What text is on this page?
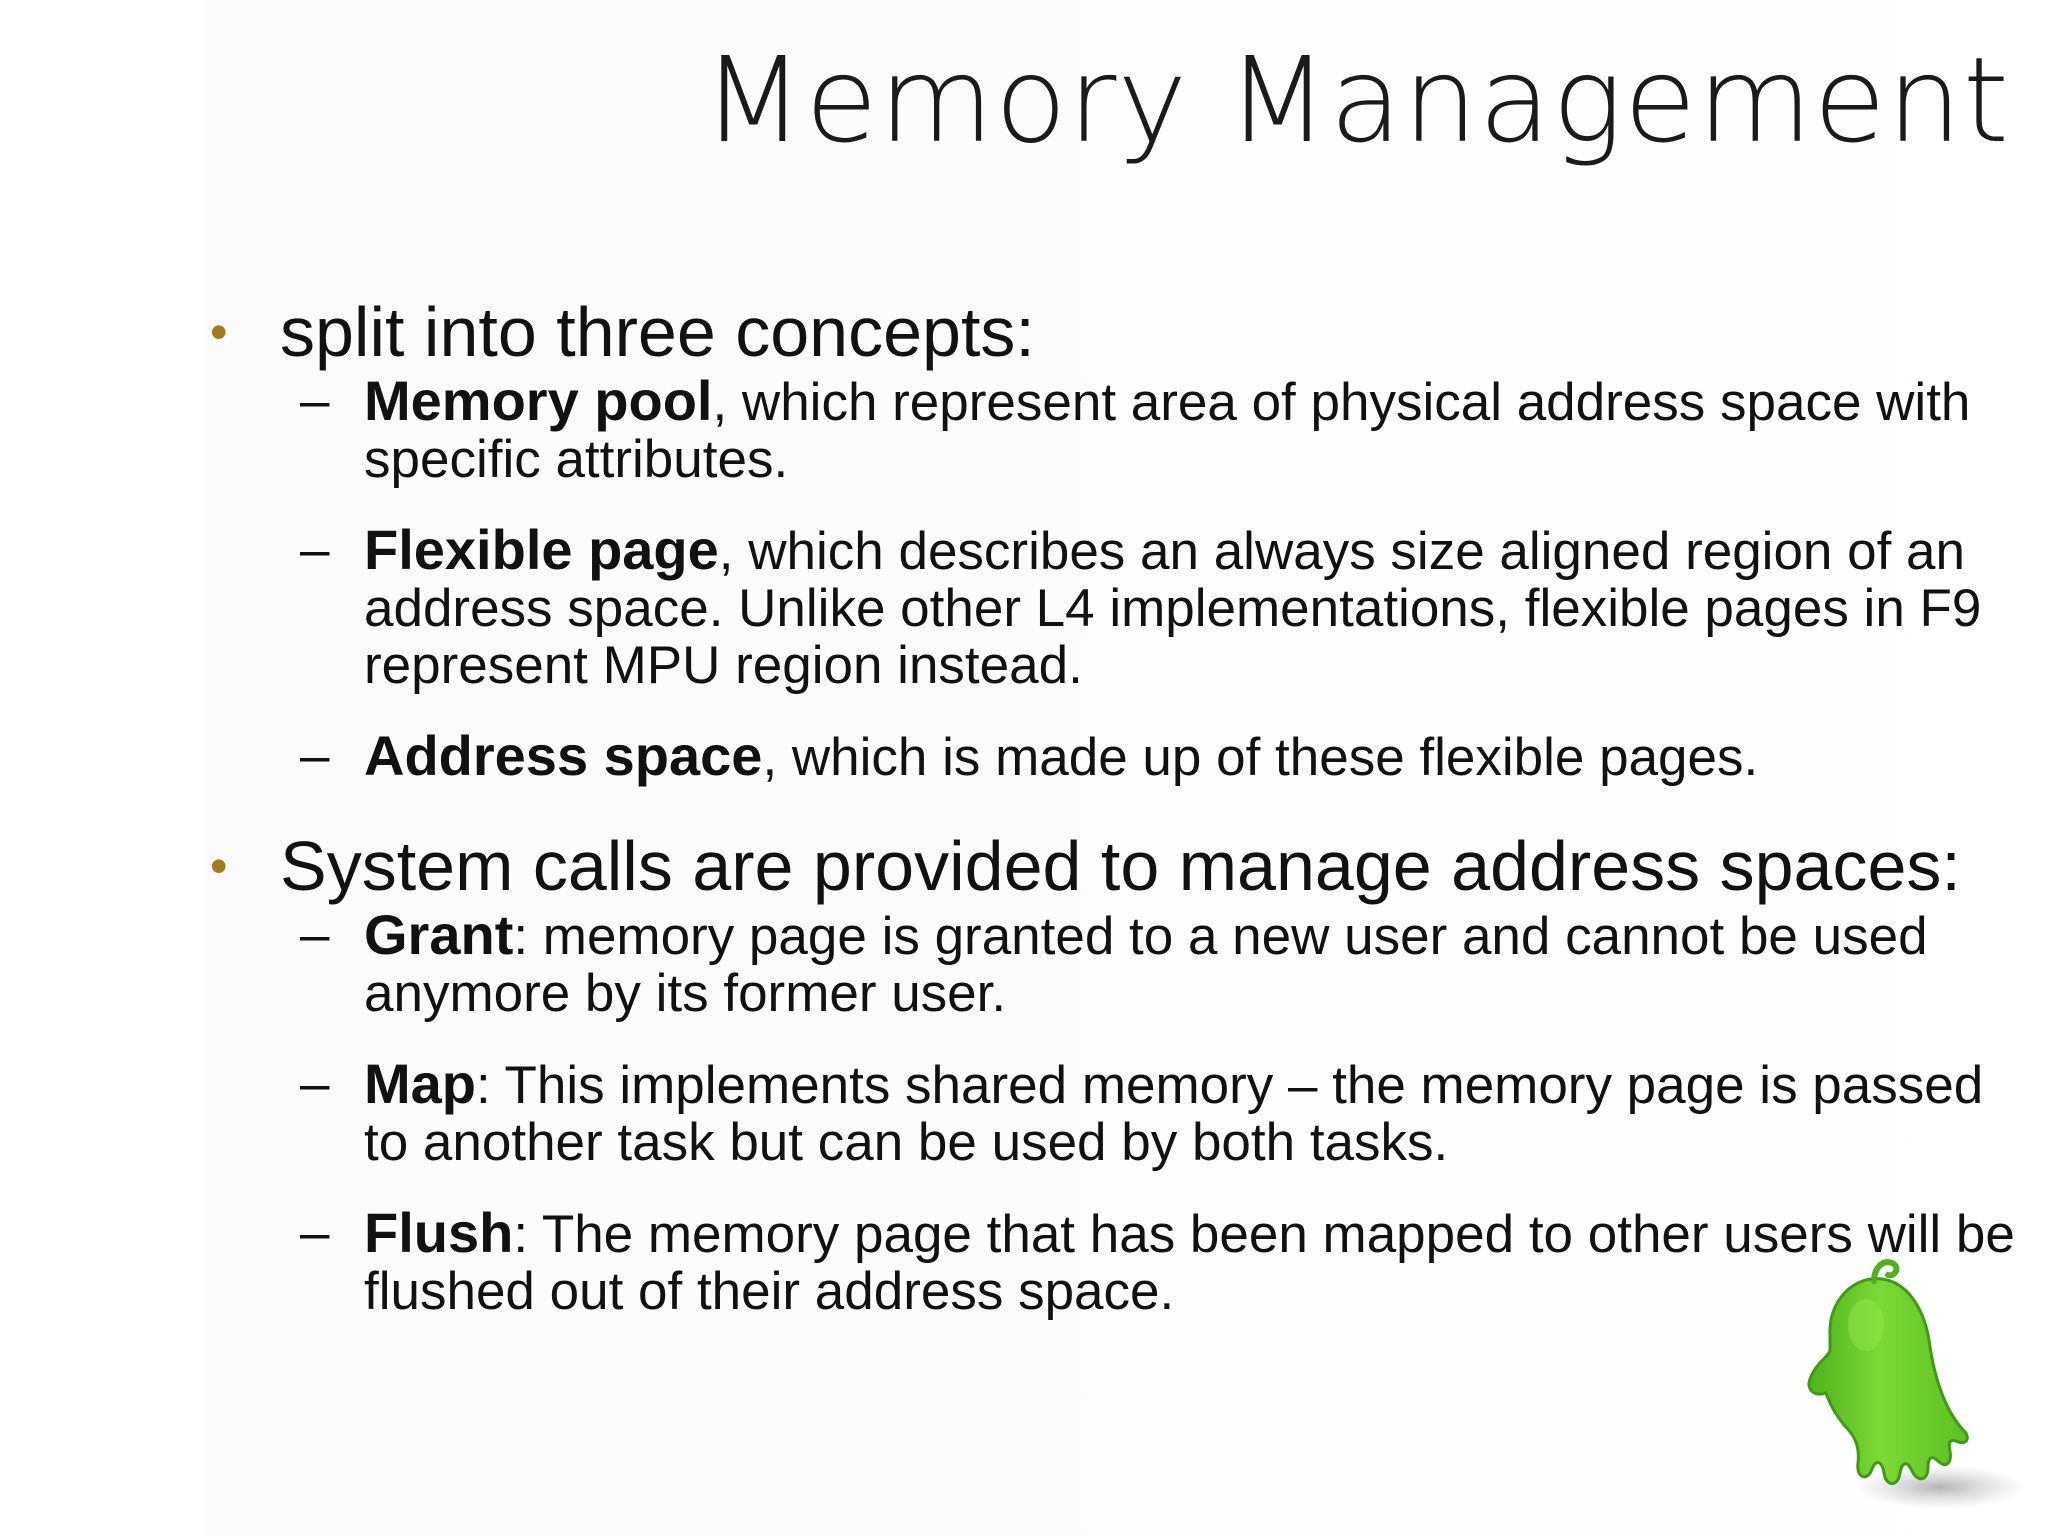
Memory Management
• split into three concepts:
– Memory pool, which represent area of physical address space with specific attributes.
– Flexible page, which describes an always size aligned region of an address space. Unlike other L4 implementations, flexible pages in F9 represent MPU region instead.
– Address space, which is made up of these flexible pages.
• System calls are provided to manage address spaces:
– Grant: memory page is granted to a new user and cannot be used anymore by its former user.
– Map: This implements shared memory – the memory page is passed to another task but can be used by both tasks.
– Flush: The memory page that has been mapped to other users will be flushed out of their address space.
